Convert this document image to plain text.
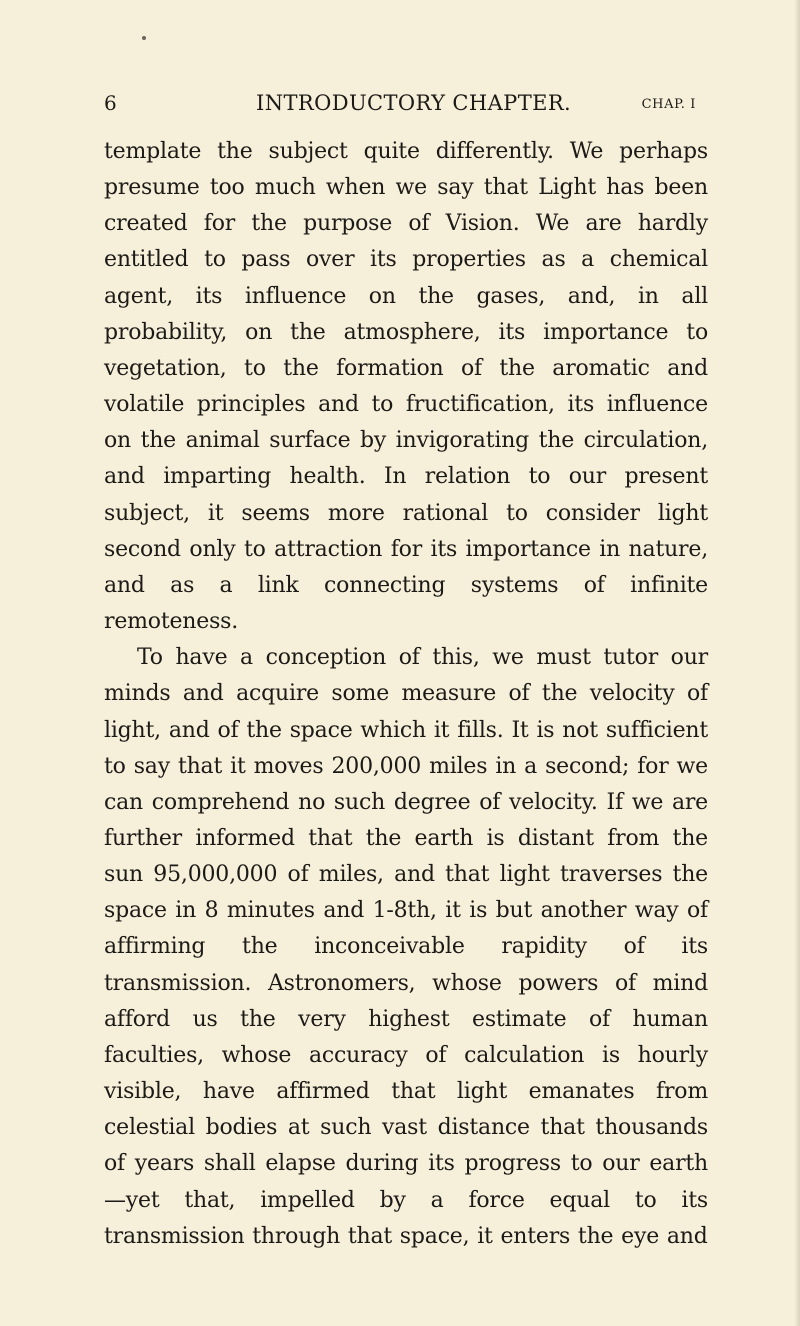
6	INTRODUCTORY CHAPTER.	CHAP. I

template the subject quite differently. We perhaps presume too much when we say that Light has been created for the purpose of Vision. We are hardly entitled to pass over its properties as a chemical agent, its influence on the gases, and, in all probability, on the atmosphere, its importance to vegetation, to the formation of the aromatic and volatile principles and to fructification, its influence on the animal surface by invigorating the circulation, and imparting health. In relation to our present subject, it seems more rational to consider light second only to attraction for its importance in nature, and as a link connecting systems of infinite remoteness.

To have a conception of this, we must tutor our minds and acquire some measure of the velocity of light, and of the space which it fills. It is not sufficient to say that it moves 200,000 miles in a second; for we can comprehend no such degree of velocity. If we are further informed that the earth is distant from the sun 95,000,000 of miles, and that light traverses the space in 8 minutes and 1-8th, it is but another way of affirming the inconceivable rapidity of its transmission. Astronomers, whose powers of mind afford us the very highest estimate of human faculties, whose accuracy of calculation is hourly visible, have affirmed that light emanates from celestial bodies at such vast distance that thousands of years shall elapse during its progress to our earth—yet that, impelled by a force equal to its transmission through that space, it enters the eye and
